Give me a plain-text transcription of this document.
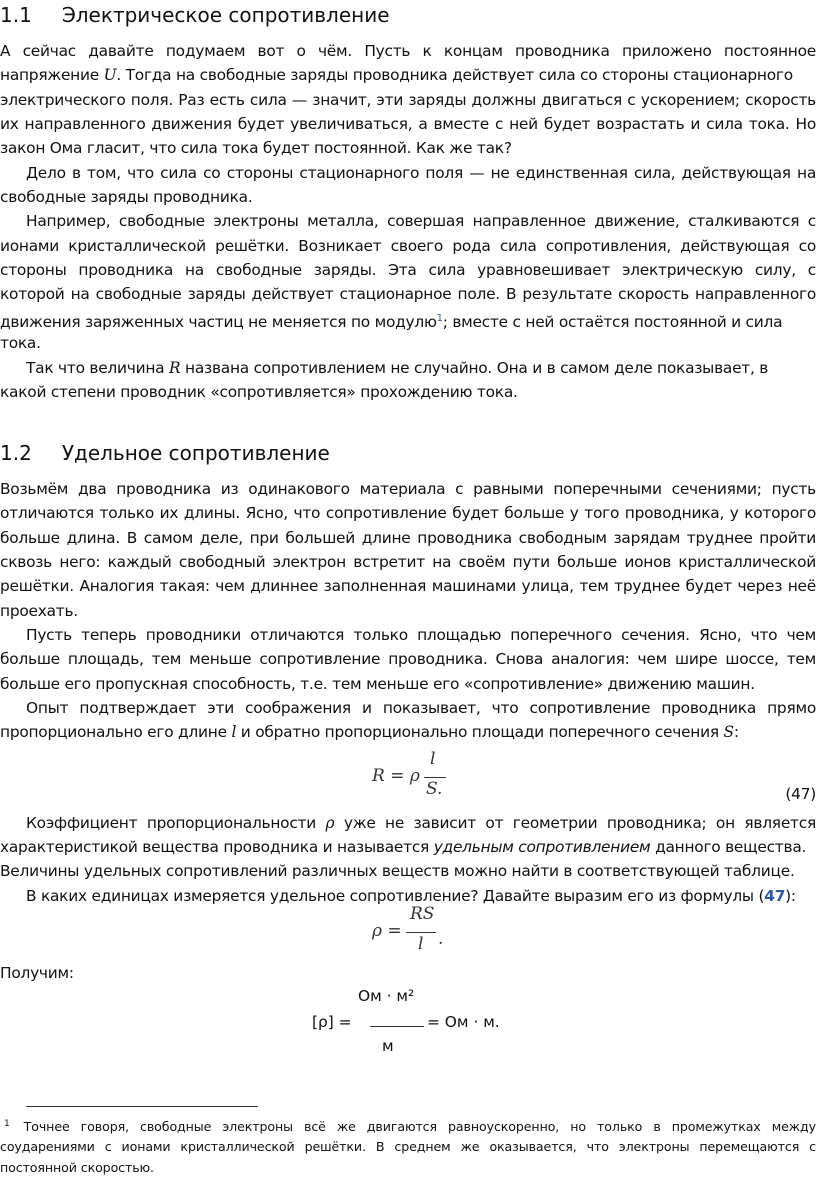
1.1 Электрическое сопротивление
А сейчас давайте подумаем вот о чём. Пусть к концам проводника приложено постоянное
напряжение U. Тогда на свободные заряды проводника действует сила со стороны стационарного
электрического поля. Раз есть сила — значит, эти заряды должны двигаться с ускорением; скорость
их направленного движения будет увеличиваться, а вместе с ней будет возрастать и сила тока. Но
закон Ома гласит, что сила тока будет постоянной. Как же так?
Дело в том, что сила со стороны стационарного поля — не единственная сила, действующая на
свободные заряды проводника.
Например, свободные электроны металла, совершая направленное движение, сталкиваются с
ионами кристаллической решётки. Возникает своего рода сила сопротивления, действующая со
стороны проводника на свободные заряды. Эта сила уравновешивает электрическую силу, с
которой на свободные заряды действует стационарное поле. В результате скорость направленного
движения заряженных частиц не меняется по модулю$^1$; вместе с ней остаётся постоянной и сила
тока.
Так что величина R названа сопротивлением не случайно. Она и в самом деле показывает, в
какой степени проводник «сопротивляется» прохождению тока.
1.2 Удельное сопротивление
Возьмём два проводника из одинакового материала с равными поперечными сечениями; пусть
отличаются только их длины. Ясно, что сопротивление будет больше у того проводника, у которого
больше длина. В самом деле, при большей длине проводника свободным зарядам труднее пройти
сквозь него: каждый свободный электрон встретит на своём пути больше ионов кристаллической
решётки. Аналогия такая: чем длиннее заполненная машинами улица, тем труднее будет через неё
проехать.
Пусть теперь проводники отличаются только площадью поперечного сечения. Ясно, что чем
больше площадь, тем меньше сопротивление проводника. Снова аналогия: чем шире шоссе, тем
больше его пропускная способность, т.е. тем меньше его «сопротивление» движению машин.
Опыт подтверждает эти соображения и показывает, что сопротивление проводника прямо
пропорционально его длине l и обратно пропорционально площади поперечного сечения S:
R = ρ
l
S.	(47)
Коэффициент пропорциональности ρ уже не зависит от геометрии проводника; он является
характеристикой вещества проводника и называется удельным сопротивлением данного вещества.
Величины удельных сопротивлений различных веществ можно найти в соответствующей таблице.
В каких единицах измеряется удельное сопротивление? Давайте выразим его из формулы (47):
ρ =
RS
l .
Получим:
Ом · м²
[ρ] =	= Ом · м.
м
$^1$ Точнее говоря, свободные электроны всё же двигаются равноускоренно, но только в промежутках между
соударениями с ионами кристаллической решётки. В среднем же оказывается, что электроны перемещаются с
постоянной скоростью.
